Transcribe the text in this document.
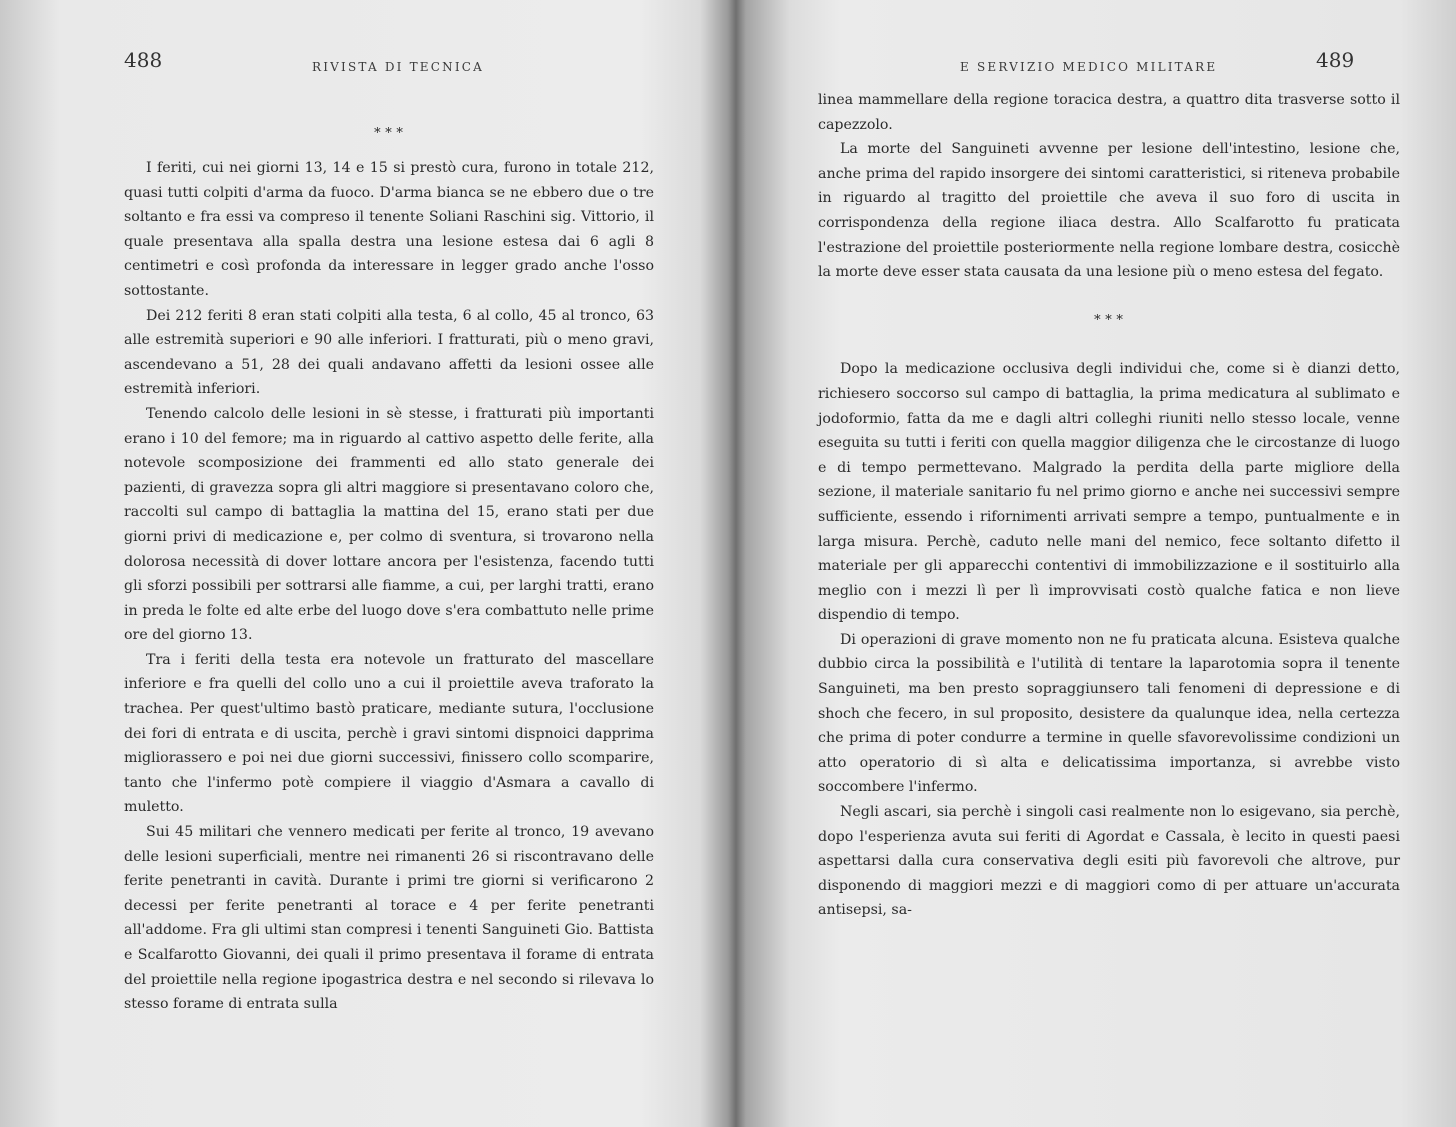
488	RIVISTA DI TECNICA
* * *

I feriti, cui nei giorni 13, 14 e 15 si prestò cura, furono in totale 212, quasi tutti colpiti d'arma da fuoco. D'arma bianca se ne ebbero due o tre soltanto e fra essi va compreso il tenente Soliani Raschini sig. Vittorio, il quale presentava alla spalla destra una lesione estesa dai 6 agli 8 centimetri e così profonda da interessare in legger grado anche l'osso sottostante.

Dei 212 feriti 8 eran stati colpiti alla testa, 6 al collo, 45 al tronco, 63 alle estremità superiori e 90 alle inferiori. I fratturati, più o meno gravi, ascendevano a 51, 28 dei quali andavano affetti da lesioni ossee alle estremità inferiori.

Tenendo calcolo delle lesioni in sè stesse, i fratturati più importanti erano i 10 del femore; ma in riguardo al cattivo aspetto delle ferite, alla notevole scomposizione dei frammenti ed allo stato generale dei pazienti, di gravezza sopra gli altri maggiore si presentavano coloro che, raccolti sul campo di battaglia la mattina del 15, erano stati per due giorni privi di medicazione e, per colmo di sventura, si trovarono nella dolorosa necessità di dover lottare ancora per l'esistenza, facendo tutti gli sforzi possibili per sottrarsi alle fiamme, a cui, per larghi tratti, erano in preda le folte ed alte erbe del luogo dove s'era combattuto nelle prime ore del giorno 13.

Tra i feriti della testa era notevole un fratturato del mascellare inferiore e fra quelli del collo uno a cui il proiettile aveva traforato la trachea. Per quest'ultimo bastò praticare, mediante sutura, l'occlusione dei fori di entrata e di uscita, perchè i gravi sintomi dispnoici dapprima migliorassero e poi nei due giorni successivi, finissero collo scomparire, tanto che l'infermo potè compiere il viaggio d'Asmara a cavallo di muletto.

Sui 45 militari che vennero medicati per ferite al tronco, 19 avevano delle lesioni superficiali, mentre nei rimanenti 26 si riscontravano delle ferite penetranti in cavità. Durante i primi tre giorni si verificarono 2 decessi per ferite penetranti al torace e 4 per ferite penetranti all'addome. Fra gli ultimi stan compresi i tenenti Sanguineti Gio. Battista e Scalfarotto Giovanni, dei quali il primo presentava il forame di entrata del proiettile nella regione ipogastrica destra e nel secondo si rilevava lo stesso forame di entrata sulla

E SERVIZIO MEDICO MILITARE	489

linea mammellare della regione toracica destra, a quattro dita trasverse sotto il capezzolo.

La morte del Sanguineti avvenne per lesione dell'intestino, lesione che, anche prima del rapido insorgere dei sintomi caratteristici, si riteneva probabile in riguardo al tragitto del proiettile che aveva il suo foro di uscita in corrispondenza della regione iliaca destra. Allo Scalfarotto fu praticata l'estrazione del proiettile posteriormente nella regione lombare destra, cosicchè la morte deve esser stata causata da una lesione più o meno estesa del fegato.

* * *

Dopo la medicazione occlusiva degli individui che, come si è dianzi detto, richiesero soccorso sul campo di battaglia, la prima medicatura al sublimato e jodoformio, fatta da me e dagli altri colleghi riuniti nello stesso locale, venne eseguita su tutti i feriti con quella maggior diligenza che le circostanze di luogo e di tempo permettevano. Malgrado la perdita della parte migliore della sezione, il materiale sanitario fu nel primo giorno e anche nei successivi sempre sufficiente, essendo i rifornimenti arrivati sempre a tempo, puntualmente e in larga misura. Perchè, caduto nelle mani del nemico, fece soltanto difetto il materiale per gli apparecchi contentivi di immobilizzazione e il sostituirlo alla meglio con i mezzi lì per lì improvvisati costò qualche fatica e non lieve dispendio di tempo.

Di operazioni di grave momento non ne fu praticata alcuna. Esisteva qualche dubbio circa la possibilità e l'utilità di tentare la laparotomia sopra il tenente Sanguineti, ma ben presto sopraggiunsero tali fenomeni di depressione e di shoch che fecero, in sul proposito, desistere da qualunque idea, nella certezza che prima di poter condurre a termine in quelle sfavorevolissime condizioni un atto operatorio di sì alta e delicatissima importanza, si avrebbe visto soccombere l'infermo.

Negli ascari, sia perchè i singoli casi realmente non lo esigevano, sia perchè, dopo l'esperienza avuta sui feriti di Agordat e Cassala, è lecito in questi paesi aspettarsi dalla cura conservativa degli esiti più favorevoli che altrove, pur disponendo di maggiori mezzi e di maggiori como di per attuare un'accurata antisepsi, sa-
